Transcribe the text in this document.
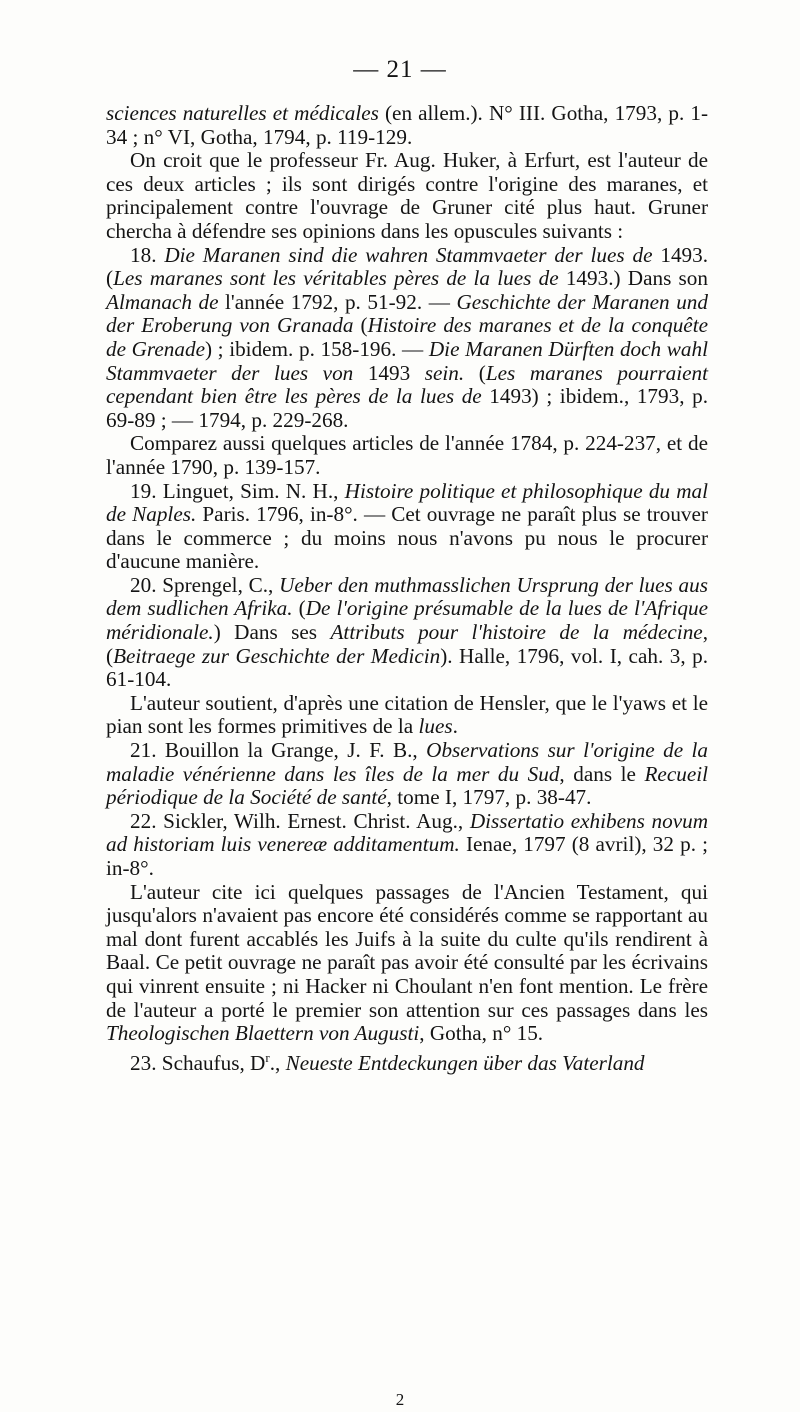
— 21 —

sciences naturelles et médicales (en allem.). N° III. Gotha, 1793, p. 1-34 ; n° VI, Gotha, 1794, p. 119-129.

On croit que le professeur Fr. Aug. Huker, à Erfurt, est l'auteur de ces deux articles ; ils sont dirigés contre l'origine des maranes, et principalement contre l'ouvrage de Gruner cité plus haut. Gruner chercha à défendre ses opinions dans les opuscules suivants :

18. Die Maranen sind die wahren Stammvaeter der lues de 1493. (Les maranes sont les véritables pères de la lues de 1493.) Dans son Almanach de l'année 1792, p. 51-92. — Geschichte der Maranen und der Eroberung von Granada (Histoire des maranes et de la conquête de Grenade) ; ibidem. p. 158-196. — Die Maranen Dürften doch wahl Stammvaeter der lues von 1493 sein. (Les maranes pourraient cependant bien être les pères de la lues de 1493) ; ibidem., 1793, p. 69-89 ; — 1794, p. 229-268.

Comparez aussi quelques articles de l'année 1784, p. 224-237, et de l'année 1790, p. 139-157.

19. Linguet, Sim. N. H., Histoire politique et philosophique du mal de Naples. Paris. 1796, in-8°. — Cet ouvrage ne paraît plus se trouver dans le commerce ; du moins nous n'avons pu nous le procurer d'aucune manière.

20. Sprengel, C., Ueber den muthmasslichen Ursprung der lues aus dem sudlichen Afrika. (De l'origine présumable de la lues de l'Afrique méridionale.) Dans ses Attributs pour l'histoire de la médecine, (Beitraege zur Geschichte der Medicin). Halle, 1796, vol. I, cah. 3, p. 61-104.

L'auteur soutient, d'après une citation de Hensler, que le l'yaws et le pian sont les formes primitives de la lues.

21. Bouillon la Grange, J. F. B., Observations sur l'origine de la maladie vénérienne dans les îles de la mer du Sud, dans le Recueil périodique de la Société de santé, tome I, 1797, p. 38-47.

22. Sickler, Wilh. Ernest. Christ. Aug., Dissertatio exhibens novum ad historiam luis venereæ additamentum. Ienae, 1797 (8 avril), 32 p. ; in-8°.

L'auteur cite ici quelques passages de l'Ancien Testament, qui jusqu'alors n'avaient pas encore été considérés comme se rapportant au mal dont furent accablés les Juifs à la suite du culte qu'ils rendirent à Baal. Ce petit ouvrage ne paraît pas avoir été consulté par les écrivains qui vinrent ensuite ; ni Hacker ni Choulant n'en font mention. Le frère de l'auteur a porté le premier son attention sur ces passages dans les Theologischen Blaettern von Augusti, Gotha, n° 15.

23. Schaufus, $D^r$., Neueste Entdeckungen über das Vaterland

2
